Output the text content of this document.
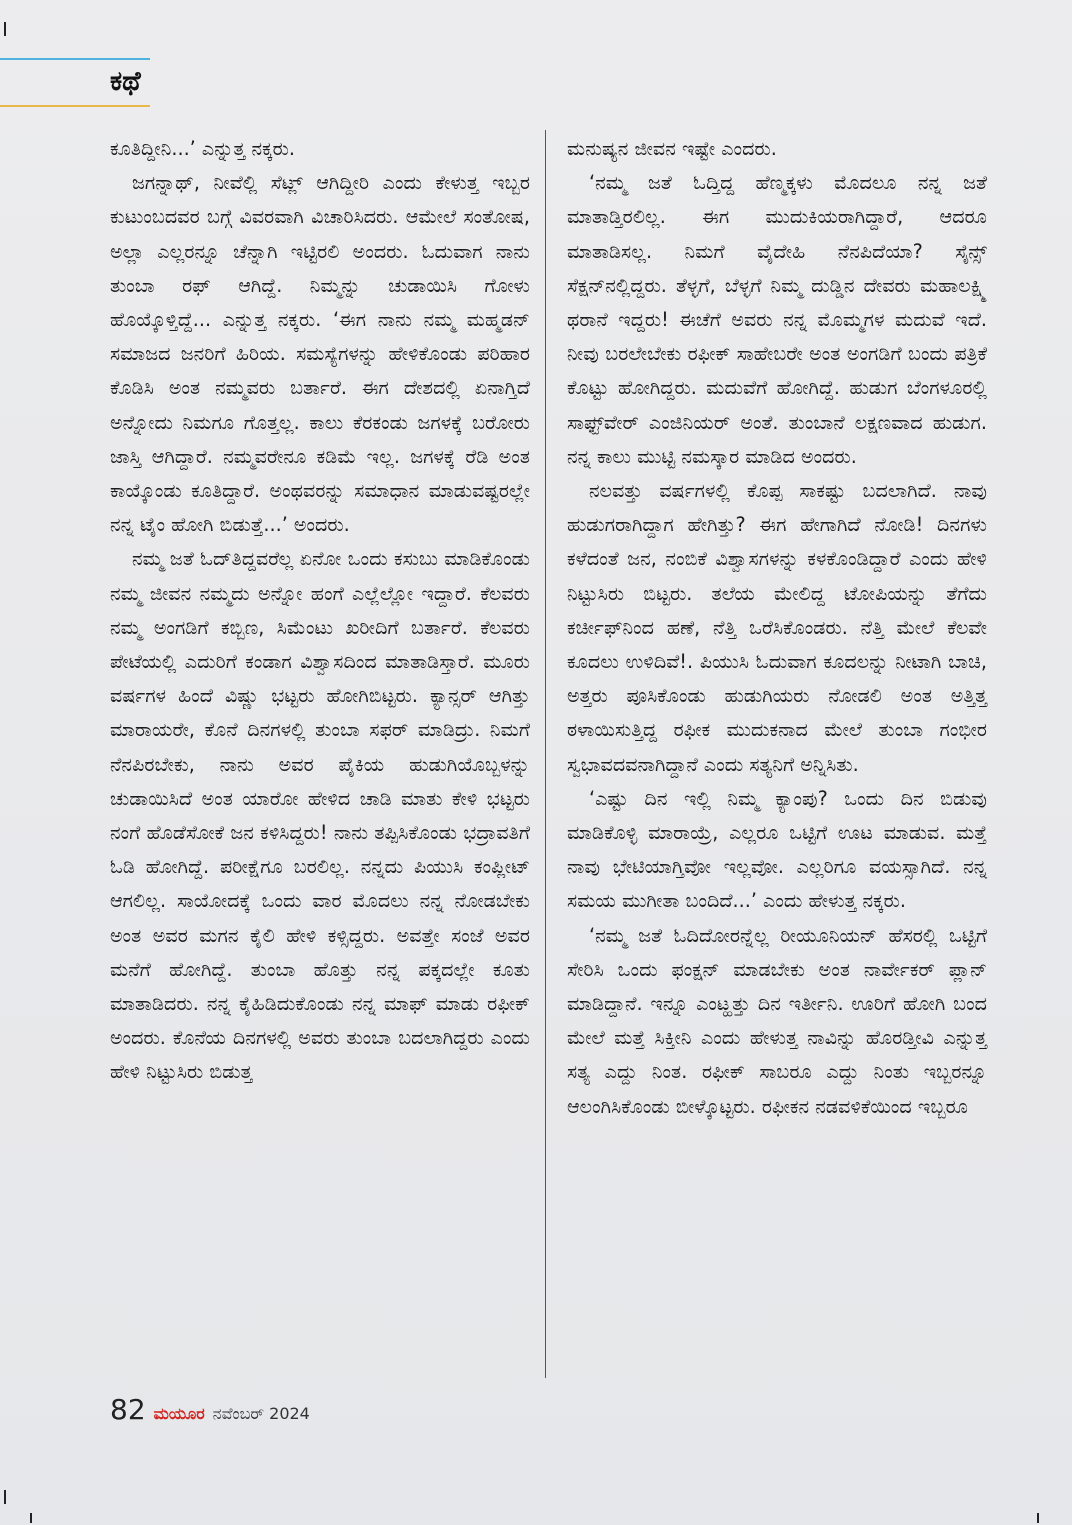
ಕಥೆ

ಕೂತಿದ್ದೀನಿ...’ ಎನ್ನುತ್ತ ನಕ್ಕರು.

ಜಗನ್ನಾಥ್, ನೀವೆಲ್ಲಿ ಸೆಟ್ಲ್ ಆಗಿದ್ದೀರಿ ಎಂದು ಕೇಳುತ್ತ ಇಬ್ಬರ ಕುಟುಂಬದವರ ಬಗ್ಗೆ ವಿವರವಾಗಿ ವಿಚಾರಿಸಿದರು. ಆಮೇಲೆ ಸಂತೋಷ, ಅಲ್ಲಾ ಎಲ್ಲರನ್ನೂ ಚೆನ್ನಾಗಿ ಇಟ್ಟಿರಲಿ ಅಂದರು. ಓದುವಾಗ ನಾನು ತುಂಬಾ ರಫ್ ಆಗಿದ್ದೆ. ನಿಮ್ಮನ್ನು ಚುಡಾಯಿಸಿ ಗೋಳು ಹೊಯ್ಕೊಳ್ತಿದ್ದೆ... ಎನ್ನುತ್ತ ನಕ್ಕರು. ‘ಈಗ ನಾನು ನಮ್ಮ ಮಹ್ಮಡನ್ ಸಮಾಜದ ಜನರಿಗೆ ಹಿರಿಯ. ಸಮಸ್ಯೆಗಳನ್ನು ಹೇಳಿಕೊಂಡು ಪರಿಹಾರ ಕೊಡಿಸಿ ಅಂತ ನಮ್ಮವರು ಬರ್ತಾರೆ. ಈಗ ದೇಶದಲ್ಲಿ ಏನಾಗ್ತಿದೆ ಅನ್ನೋದು ನಿಮಗೂ ಗೊತ್ತಲ್ಲ. ಕಾಲು ಕೆರಕಂಡು ಜಗಳಕ್ಕೆ ಬರೋರು ಜಾಸ್ತಿ ಆಗಿದ್ದಾರೆ. ನಮ್ಮವರೇನೂ ಕಡಿಮೆ ಇಲ್ಲ. ಜಗಳಕ್ಕೆ ರೆಡಿ ಅಂತ ಕಾಯ್ಕೊಂಡು ಕೂತಿದ್ದಾರೆ. ಅಂಥವರನ್ನು ಸಮಾಧಾನ ಮಾಡುವಷ್ಟರಲ್ಲೇ ನನ್ನ ಟೈಂ ಹೋಗಿ ಬಿಡುತ್ತೆ...’ ಅಂದರು.

ನಮ್ಮ ಜತೆ ಓದ್‌ತಿದ್ದವರೆಲ್ಲ ಏನೋ ಒಂದು ಕಸುಬು ಮಾಡಿಕೊಂಡು ನಮ್ಮ ಜೀವನ ನಮ್ಮದು ಅನ್ನೋ ಹಂಗೆ ಎಲ್ಲೆಲ್ಲೋ ಇದ್ದಾರೆ. ಕೆಲವರು ನಮ್ಮ ಅಂಗಡಿಗೆ ಕಬ್ಬಿಣ, ಸಿಮೆಂಟು ಖರೀದಿಗೆ ಬರ್ತಾರೆ. ಕೆಲವರು ಪೇಟೆಯಲ್ಲಿ ಎದುರಿಗೆ ಕಂಡಾಗ ವಿಶ್ವಾಸದಿಂದ ಮಾತಾಡಿಸ್ತಾರೆ. ಮೂರು ವರ್ಷಗಳ ಹಿಂದೆ ವಿಷ್ಣು ಭಟ್ಟರು ಹೋಗಿಬಿಟ್ಟರು. ಕ್ಯಾನ್ಸರ್ ಆಗಿತ್ತು ಮಾರಾಯರೇ, ಕೊನೆ ದಿನಗಳಲ್ಲಿ ತುಂಬಾ ಸಫರ್ ಮಾಡಿದ್ರು. ನಿಮಗೆ ನೆನಪಿರಬೇಕು, ನಾನು ಅವರ ಪೈಕಿಯ ಹುಡುಗಿಯೊಬ್ಬಳನ್ನು ಚುಡಾಯಿಸಿದೆ ಅಂತ ಯಾರೋ ಹೇಳಿದ ಚಾಡಿ ಮಾತು ಕೇಳಿ ಭಟ್ಟರು ನಂಗೆ ಹೊಡೆಸೋಕೆ ಜನ ಕಳಿಸಿದ್ದರು! ನಾನು ತಪ್ಪಿಸಿಕೊಂಡು ಭದ್ರಾವತಿಗೆ ಓಡಿ ಹೋಗಿದ್ದೆ. ಪರೀಕ್ಷೆಗೂ ಬರಲಿಲ್ಲ. ನನ್ನದು ಪಿಯುಸಿ ಕಂಪ್ಲೀಟ್ ಆಗಲಿಲ್ಲ. ಸಾಯೋದಕ್ಕೆ ಒಂದು ವಾರ ಮೊದಲು ನನ್ನ ನೋಡಬೇಕು ಅಂತ ಅವರ ಮಗನ ಕೈಲಿ ಹೇಳಿ ಕಳ್ಸಿದ್ದರು. ಅವತ್ತೇ ಸಂಜೆ ಅವರ ಮನೆಗೆ ಹೋಗಿದ್ದೆ. ತುಂಬಾ ಹೊತ್ತು ನನ್ನ ಪಕ್ಕದಲ್ಲೇ ಕೂತು ಮಾತಾಡಿದರು. ನನ್ನ ಕೈಹಿಡಿದುಕೊಂಡು ನನ್ನ ಮಾಫ್ ಮಾಡು ರಫೀಕ್ ಅಂದರು. ಕೊನೆಯ ದಿನಗಳಲ್ಲಿ ಅವರು ತುಂಬಾ ಬದಲಾಗಿದ್ದರು ಎಂದು ಹೇಳಿ ನಿಟ್ಟುಸಿರು ಬಿಡುತ್ತ

ಮನುಷ್ಯನ ಜೀವನ ಇಷ್ಟೇ ಎಂದರು.

‘ನಮ್ಮ ಜತೆ ಓದ್ತಿದ್ದ ಹೆಣ್ಮಕ್ಕಳು ಮೊದಲೂ ನನ್ನ ಜತೆ ಮಾತಾಡ್ತಿರಲಿಲ್ಲ. ಈಗ ಮುದುಕಿಯರಾಗಿದ್ದಾರೆ, ಆದರೂ ಮಾತಾಡಿಸಲ್ಲ. ನಿಮಗೆ ವೈದೇಹಿ ನೆನಪಿದೆಯಾ? ಸೈನ್ಸ್ ಸೆಕ್ಷನ್‌ನಲ್ಲಿದ್ದರು. ತೆಳ್ಳಗೆ, ಬೆಳ್ಳಗೆ ನಿಮ್ಮ ದುಡ್ಡಿನ ದೇವರು ಮಹಾಲಕ್ಷ್ಮಿ ಥರಾನೆ ಇದ್ದರು! ಈಚೆಗೆ ಅವರು ನನ್ನ ಮೊಮ್ಮಗಳ ಮದುವೆ ಇದೆ. ನೀವು ಬರಲೇಬೇಕು ರಫೀಕ್ ಸಾಹೇಬರೇ ಅಂತ ಅಂಗಡಿಗೆ ಬಂದು ಪತ್ರಿಕೆ ಕೊಟ್ಟು ಹೋಗಿದ್ದರು. ಮದುವೆಗೆ ಹೋಗಿದ್ದೆ. ಹುಡುಗ ಬೆಂಗಳೂರಲ್ಲಿ ಸಾಫ್ಟ್‌ವೇರ್ ಎಂಜಿನಿಯರ್ ಅಂತೆ. ತುಂಬಾನೆ ಲಕ್ಷಣವಾದ ಹುಡುಗ. ನನ್ನ ಕಾಲು ಮುಟ್ಟಿ ನಮಸ್ಕಾರ ಮಾಡಿದ ಅಂದರು.

ನಲವತ್ತು ವರ್ಷಗಳಲ್ಲಿ ಕೊಪ್ಪ ಸಾಕಷ್ಟು ಬದಲಾಗಿದೆ. ನಾವು ಹುಡುಗರಾಗಿದ್ದಾಗ ಹೇಗಿತ್ತು? ಈಗ ಹೇಗಾಗಿದೆ ನೋಡಿ! ದಿನಗಳು ಕಳೆದಂತೆ ಜನ, ನಂಬಿಕೆ ವಿಶ್ವಾಸಗಳನ್ನು ಕಳಕೊಂಡಿದ್ದಾರೆ ಎಂದು ಹೇಳಿ ನಿಟ್ಟುಸಿರು ಬಿಟ್ಟರು. ತಲೆಯ ಮೇಲಿದ್ದ ಟೋಪಿಯನ್ನು ತೆಗೆದು ಕರ್ಚೀಫ್‌ನಿಂದ ಹಣೆ, ನೆತ್ತಿ ಒರೆಸಿಕೊಂಡರು. ನೆತ್ತಿ ಮೇಲೆ ಕೆಲವೇ ಕೂದಲು ಉಳಿದಿವೆ!. ಪಿಯುಸಿ ಓದುವಾಗ ಕೂದಲನ್ನು ನೀಟಾಗಿ ಬಾಚಿ, ಅತ್ತರು ಪೂಸಿಕೊಂಡು ಹುಡುಗಿಯರು ನೋಡಲಿ ಅಂತ ಅತ್ತಿತ್ತ ಠಳಾಯಿಸುತ್ತಿದ್ದ ರಫೀಕ ಮುದುಕನಾದ ಮೇಲೆ ತುಂಬಾ ಗಂಭೀರ ಸ್ವಭಾವದವನಾಗಿದ್ದಾನೆ ಎಂದು ಸತ್ಯನಿಗೆ ಅನ್ನಿಸಿತು.

‘ಎಷ್ಟು ದಿನ ಇಲ್ಲಿ ನಿಮ್ಮ ಕ್ಯಾಂಪು? ಒಂದು ದಿನ ಬಿಡುವು ಮಾಡಿಕೊಳ್ಳಿ ಮಾರಾಯ್ರೆ, ಎಲ್ಲರೂ ಒಟ್ಟಿಗೆ ಊಟ ಮಾಡುವ. ಮತ್ತೆ ನಾವು ಭೇಟಿಯಾಗ್ತಿವೋ ಇಲ್ಲವೋ. ಎಲ್ಲರಿಗೂ ವಯಸ್ಸಾಗಿದೆ. ನನ್ನ ಸಮಯ ಮುಗೀತಾ ಬಂದಿದೆ...’ ಎಂದು ಹೇಳುತ್ತ ನಕ್ಕರು.

‘ನಮ್ಮ ಜತೆ ಓದಿದೋರನ್ನೆಲ್ಲ ರೀಯೂನಿಯನ್ ಹೆಸರಲ್ಲಿ ಒಟ್ಟಿಗೆ ಸೇರಿಸಿ ಒಂದು ಫಂಕ್ಷನ್ ಮಾಡಬೇಕು ಅಂತ ನಾರ್ವೇಕರ್ ಪ್ಲಾನ್ ಮಾಡಿದ್ದಾನೆ. ಇನ್ನೂ ಎಂಟ್ಹತ್ತು ದಿನ ಇರ್ತೀನಿ. ಊರಿಗೆ ಹೋಗಿ ಬಂದ ಮೇಲೆ ಮತ್ತೆ ಸಿಕ್ತೀನಿ ಎಂದು ಹೇಳುತ್ತ ನಾವಿನ್ನು ಹೊರಡ್ತೀವಿ ಎನ್ನುತ್ತ ಸತ್ಯ ಎದ್ದು ನಿಂತ. ರಫೀಕ್ ಸಾಬರೂ ಎದ್ದು ನಿಂತು ಇಬ್ಬರನ್ನೂ ಆಲಂಗಿಸಿಕೊಂಡು ಬೀಳ್ಕೊಟ್ಟರು. ರಫೀಕನ ನಡವಳಿಕೆಯಿಂದ ಇಬ್ಬರೂ

82 ಮಯೂರ ನವೆಂಬರ್ 2024
